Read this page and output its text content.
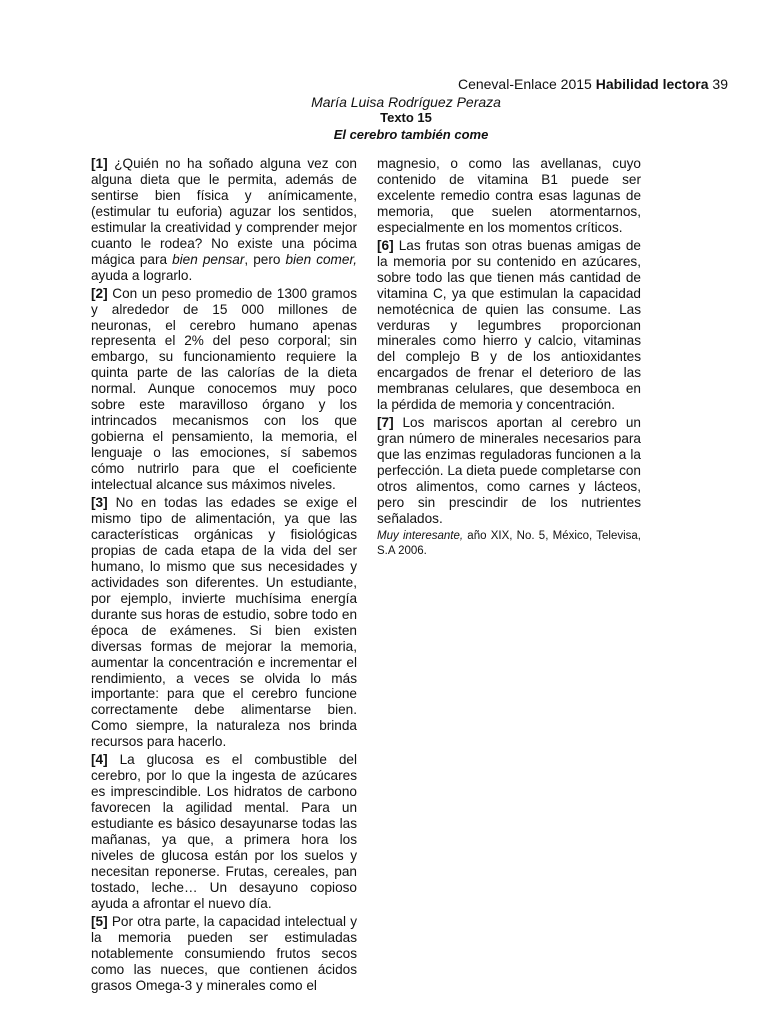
Ceneval-Enlace 2015 Habilidad lectora 39
María Luisa Rodríguez Peraza
Texto 15
El cerebro también come

[1] ¿Quién no ha soñado alguna vez con alguna dieta que le permita, además de sentirse bien física y anímicamente, (estimular tu euforia) aguzar los sentidos, estimular la creatividad y comprender mejor cuanto le rodea? No existe una pócima mágica para bien pensar, pero bien comer, ayuda a lograrlo.

[2] Con un peso promedio de 1300 gramos y alrededor de 15 000 millones de neuronas, el cerebro humano apenas representa el 2% del peso corporal; sin embargo, su funcionamiento requiere la quinta parte de las calorías de la dieta normal. Aunque conocemos muy poco sobre este maravilloso órgano y los intrincados mecanismos con los que gobierna el pensamiento, la memoria, el lenguaje o las emociones, sí sabemos cómo nutrirlo para que el coeficiente intelectual alcance sus máximos niveles.

[3] No en todas las edades se exige el mismo tipo de alimentación, ya que las características orgánicas y fisiológicas propias de cada etapa de la vida del ser humano, lo mismo que sus necesidades y actividades son diferentes. Un estudiante, por ejemplo, invierte muchísima energía durante sus horas de estudio, sobre todo en época de exámenes. Si bien existen diversas formas de mejorar la memoria, aumentar la concentración e incrementar el rendimiento, a veces se olvida lo más importante: para que el cerebro funcione correctamente debe alimentarse bien. Como siempre, la naturaleza nos brinda recursos para hacerlo.

[4] La glucosa es el combustible del cerebro, por lo que la ingesta de azúcares es imprescindible. Los hidratos de carbono favorecen la agilidad mental. Para un estudiante es básico desayunarse todas las mañanas, ya que, a primera hora los niveles de glucosa están por los suelos y necesitan reponerse. Frutas, cereales, pan tostado, leche… Un desayuno copioso ayuda a afrontar el nuevo día.

[5] Por otra parte, la capacidad intelectual y la memoria pueden ser estimuladas notablemente consumiendo frutos secos como las nueces, que contienen ácidos grasos Omega-3 y minerales como el

magnesio, o como las avellanas, cuyo contenido de vitamina B1 puede ser excelente remedio contra esas lagunas de memoria, que suelen atormentarnos, especialmente en los momentos críticos.

[6] Las frutas son otras buenas amigas de la memoria por su contenido en azúcares, sobre todo las que tienen más cantidad de vitamina C, ya que estimulan la capacidad nemotécnica de quien las consume. Las verduras y legumbres proporcionan minerales como hierro y calcio, vitaminas del complejo B y de los antioxidantes encargados de frenar el deterioro de las membranas celulares, que desemboca en la pérdida de memoria y concentración.

[7] Los mariscos aportan al cerebro un gran número de minerales necesarios para que las enzimas reguladoras funcionen a la perfección. La dieta puede completarse con otros alimentos, como carnes y lácteos, pero sin prescindir de los nutrientes señalados.

Muy interesante, año XIX, No. 5, México, Televisa, S.A 2006.
